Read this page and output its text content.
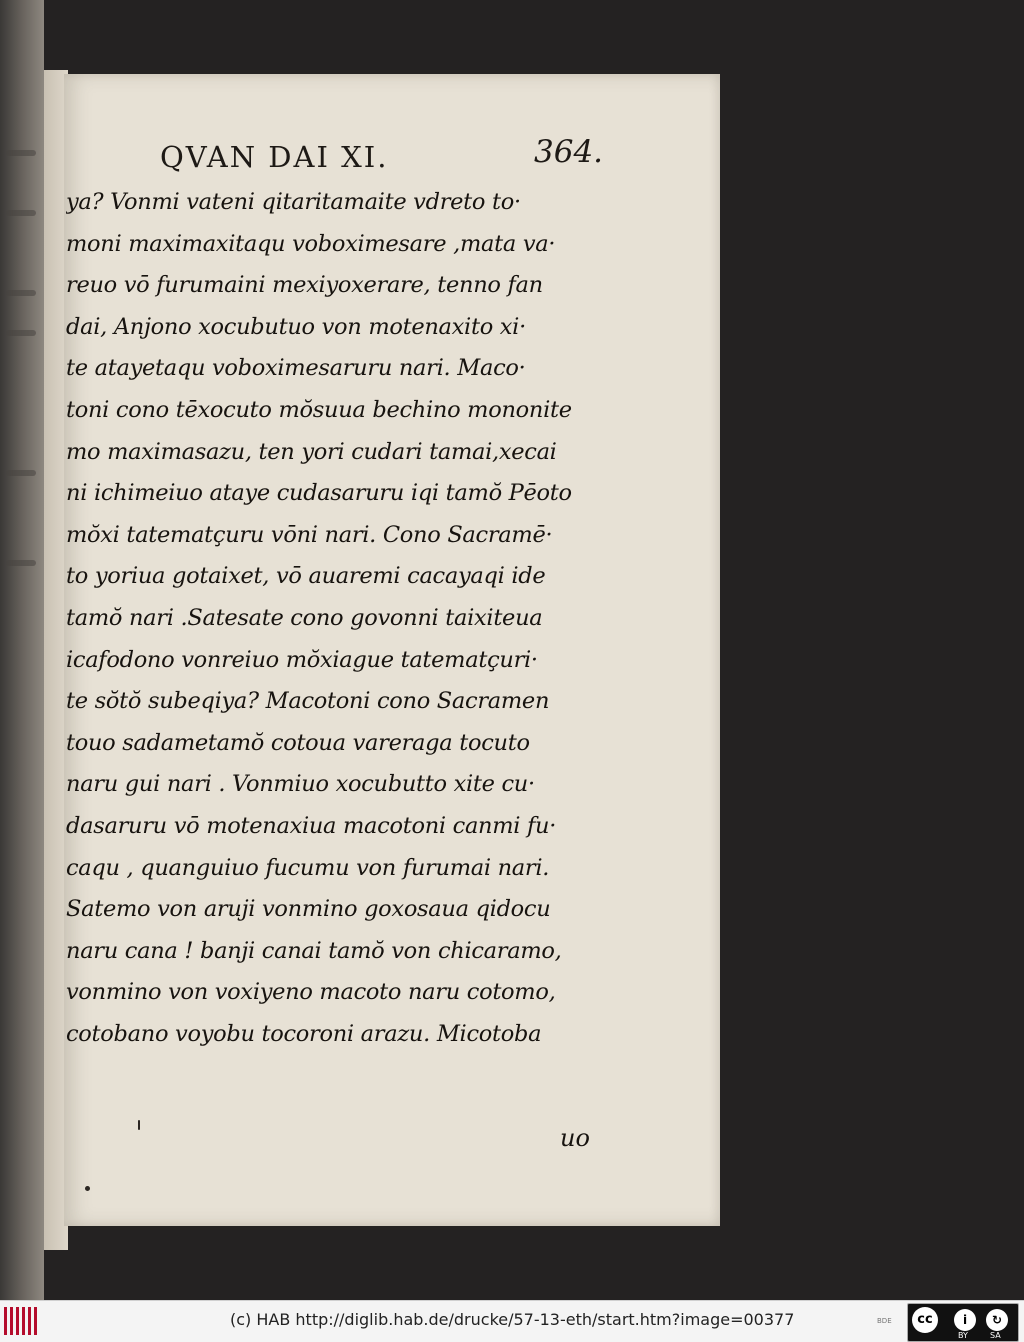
QVAN DAI XI.	364.
ya? Vonmi vateni qitaritamaite vdreto to·
moni maximaxitaqu voboximesare ,mata va·
reuo vō furumaini mexiyoxerare, tenno fan
dai, Anjono xocubutuo von motenaxito xi·
te atayetaqu voboximesaruru nari. Maco·
toni cono tēxocuto mŏsuua bechino mononite
mo maximasazu, ten yori cudari tamai,xecai
ni ichimeiuo ataye cudasaruru iqi tamŏ Pēoto
mŏxi tatematçuru vōni nari. Cono Sacramē·
to yoriua gotaixet, vō auaremi cacayaqi ide
tamŏ nari .Satesate cono govonni taixiteua
icafodono vonreiuo mŏxiague tatematçuri·
te sŏtŏ subeqiya? Macotoni cono Sacramen
touo sadametamŏ cotoua vareraga tocuto
naru gui nari . Vonmiuo xocubutto xite cu·
dasaruru vō motenaxiua macotoni canmi fu·
caqu , quanguiuo fucumu von furumai nari.
Satemo von aruji vonmino goxosaua qidocu
naru cana ! banji canai tamŏ von chicaramo,
vonmino von voxiyeno macoto naru cotomo,
cotobano voyobu tocoroni arazu. Micotoba
uo
(c) HAB http://diglib.hab.de/drucke/57-13-eth/start.htm?image=00377	BDE	cc	i	↻
BY	SA
